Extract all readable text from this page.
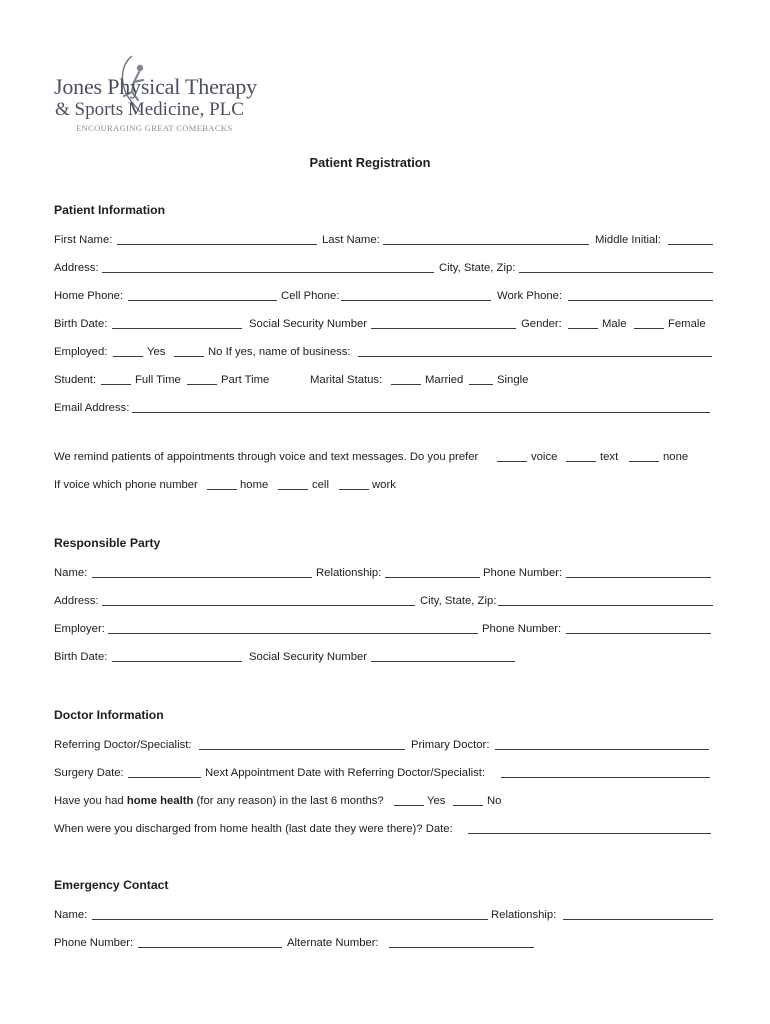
Jones Physical Therapy
& Sports Medicine, PLC
ENCOURAGING GREAT COMEBACKS
Patient Registration
Patient Information
First Name:	Last Name:	Middle Initial:
Address:	City, State, Zip:
Home Phone:	Cell Phone:	Work Phone:
Birth Date:	Social Security Number	Gender:	Male	Female
Employed:	Yes	No If yes, name of business:
Student:	Full Time	Part Time	Marital Status:	Married	Single
Email Address:
We remind patients of appointments through voice and text messages. Do you prefer	voice	text	none
If voice which phone number	home	cell	work
Responsible Party
Name:	Relationship:	Phone Number:
Address:	City, State, Zip:
Employer:	Phone Number:
Birth Date:	Social Security Number
Doctor Information
Referring Doctor/Specialist:	Primary Doctor:
Surgery Date:	Next Appointment Date with Referring Doctor/Specialist:
Have you had home health (for any reason) in the last 6 months?	Yes	No
When were you discharged from home health (last date they were there)? Date:
Emergency Contact
Name:	Relationship:
Phone Number:	Alternate Number:
